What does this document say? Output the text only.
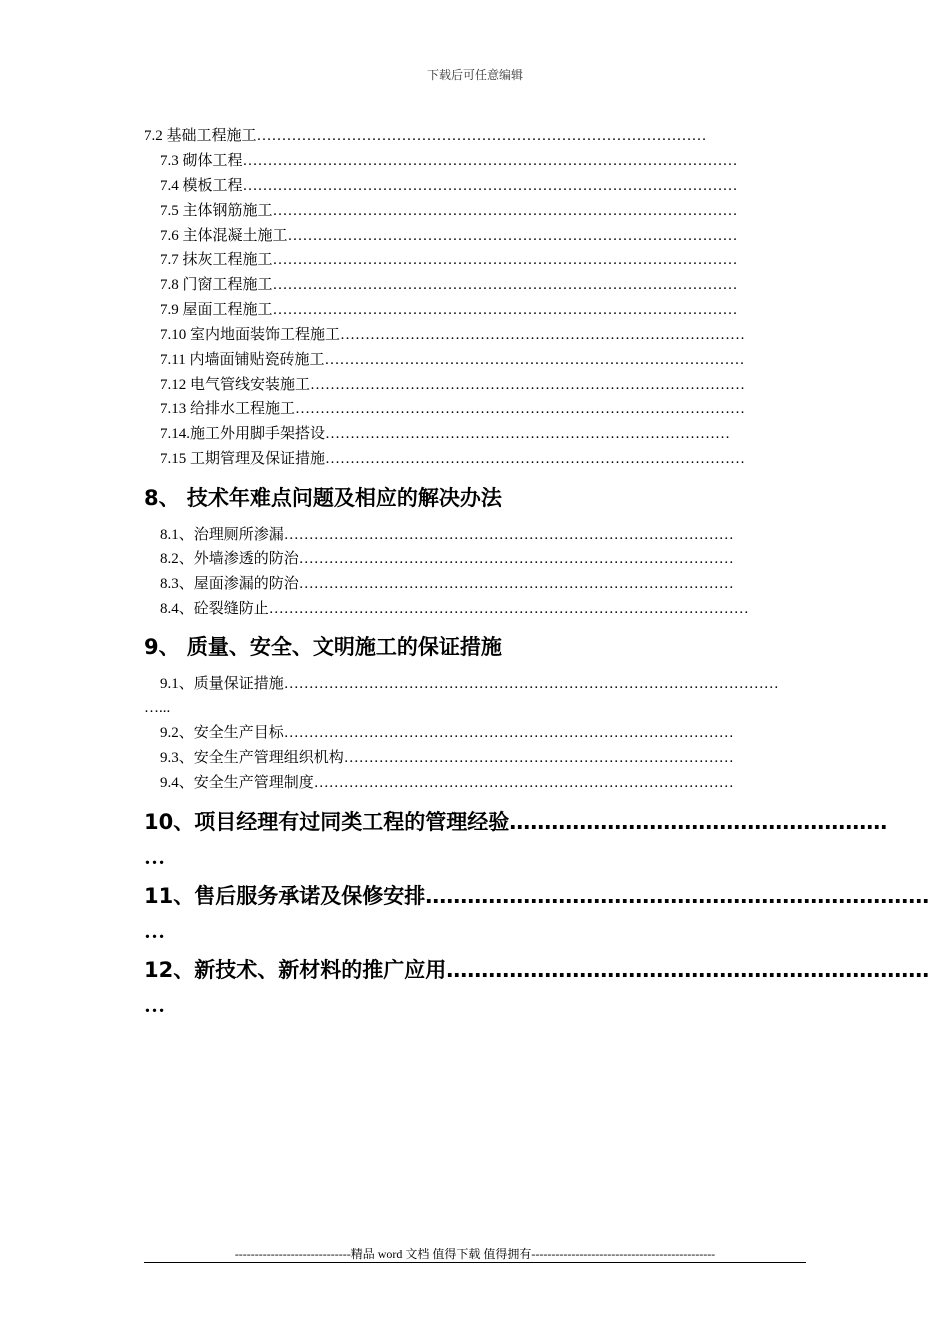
下载后可任意编辑
7.2 基础工程施工………………………………………………………………………………
7.3 砌体工程………………………………………………………………………………………
7.4 模板工程………………………………………………………………………………………
7.5 主体钢筋施工…………………………………………………………………………………
7.6 主体混凝土施工………………………………………………………………………………
7.7 抹灰工程施工…………………………………………………………………………………
7.8 门窗工程施工…………………………………………………………………………………
7.9 屋面工程施工…………………………………………………………………………………
7.10 室内地面装饰工程施工………………………………………………………………………
7.11 内墙面铺贴瓷砖施工…………………………………………………………………………
7.12 电气管线安装施工……………………………………………………………………………
7.13 给排水工程施工………………………………………………………………………………
7.14.施工外用脚手架搭设………………………………………………………………………
7.15 工期管理及保证措施…………………………………………………………………………
8、 技术年难点问题及相应的解决办法
8.1、治理厕所渗漏………………………………………………………………………………
8.2、外墙渗透的防治……………………………………………………………………………
8.3、屋面渗漏的防治……………………………………………………………………………
8.4、砼裂缝防止……………………………………………………………………………………
9、 质量、安全、文明施工的保证措施
9.1、质量保证措施………………………………………………………………………………………
…...
9.2、安全生产目标………………………………………………………………………………
9.3、安全生产管理组织机构……………………………………………………………………
9.4、安全生产管理制度…………………………………………………………………………
10、项目经理有过同类工程的管理经验………………………………………………
…
11、售后服务承诺及保修安排………………………………………………………………
…
12、新技术、新材料的推广应用……………………………………………………………
…
-----------------------------精品 word 文档 值得下载 值得拥有----------------------------------------------
